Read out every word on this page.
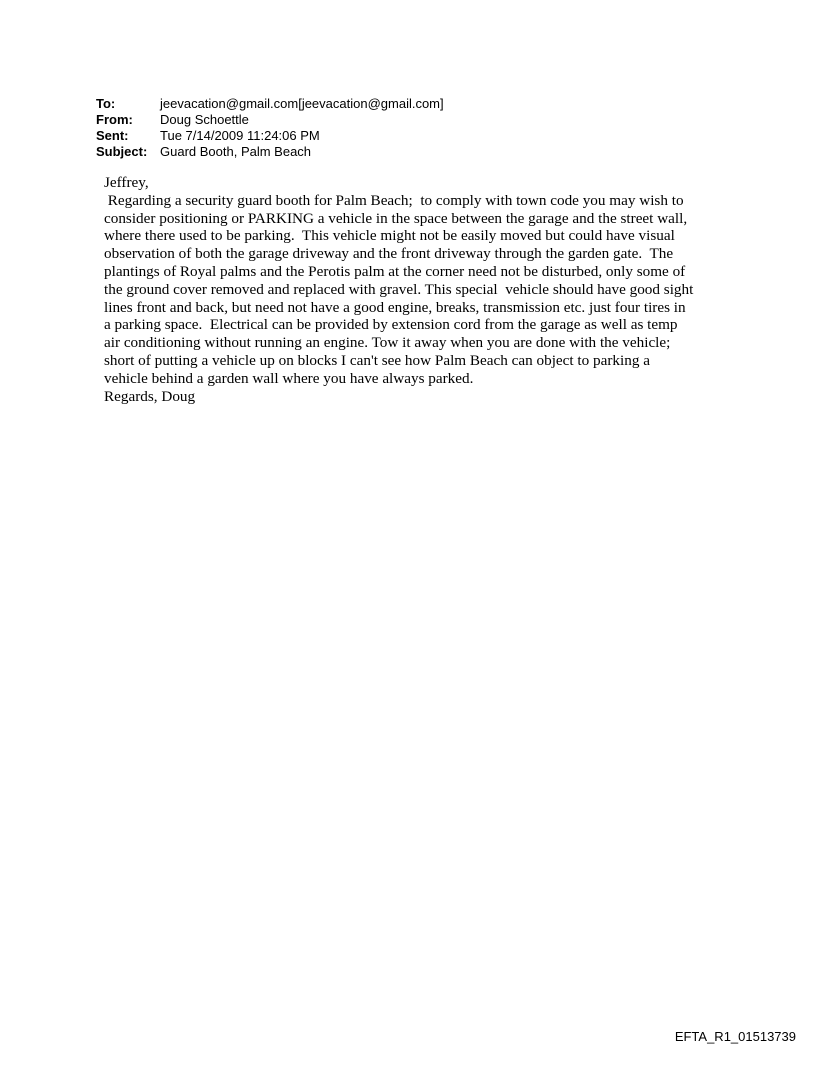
To:	jeevacation@gmail.com[jeevacation@gmail.com]
From:	Doug Schoettle
Sent:	Tue 7/14/2009 11:24:06 PM
Subject: Guard Booth, Palm Beach

Jeffrey,

Regarding a security guard booth for Palm Beach;  to comply with town code you may wish to

consider positioning or PARKING a vehicle in the space between the garage and the street wall,

where there used to be parking.  This vehicle might not be easily moved but could have visual

observation of both the garage driveway and the front driveway through the garden gate.  The

plantings of Royal palms and the Perotis palm at the corner need not be disturbed, only some of

the ground cover removed and replaced with gravel. This special  vehicle should have good sight

lines front and back, but need not have a good engine, breaks, transmission etc. just four tires in

a parking space.  Electrical can be provided by extension cord from the garage as well as temp

air conditioning without running an engine. Tow it away when you are done with the vehicle;

short of putting a vehicle up on blocks I can't see how Palm Beach can object to parking a

vehicle behind a garden wall where you have always parked.

Regards, Doug

EFTA_R1_01513739
